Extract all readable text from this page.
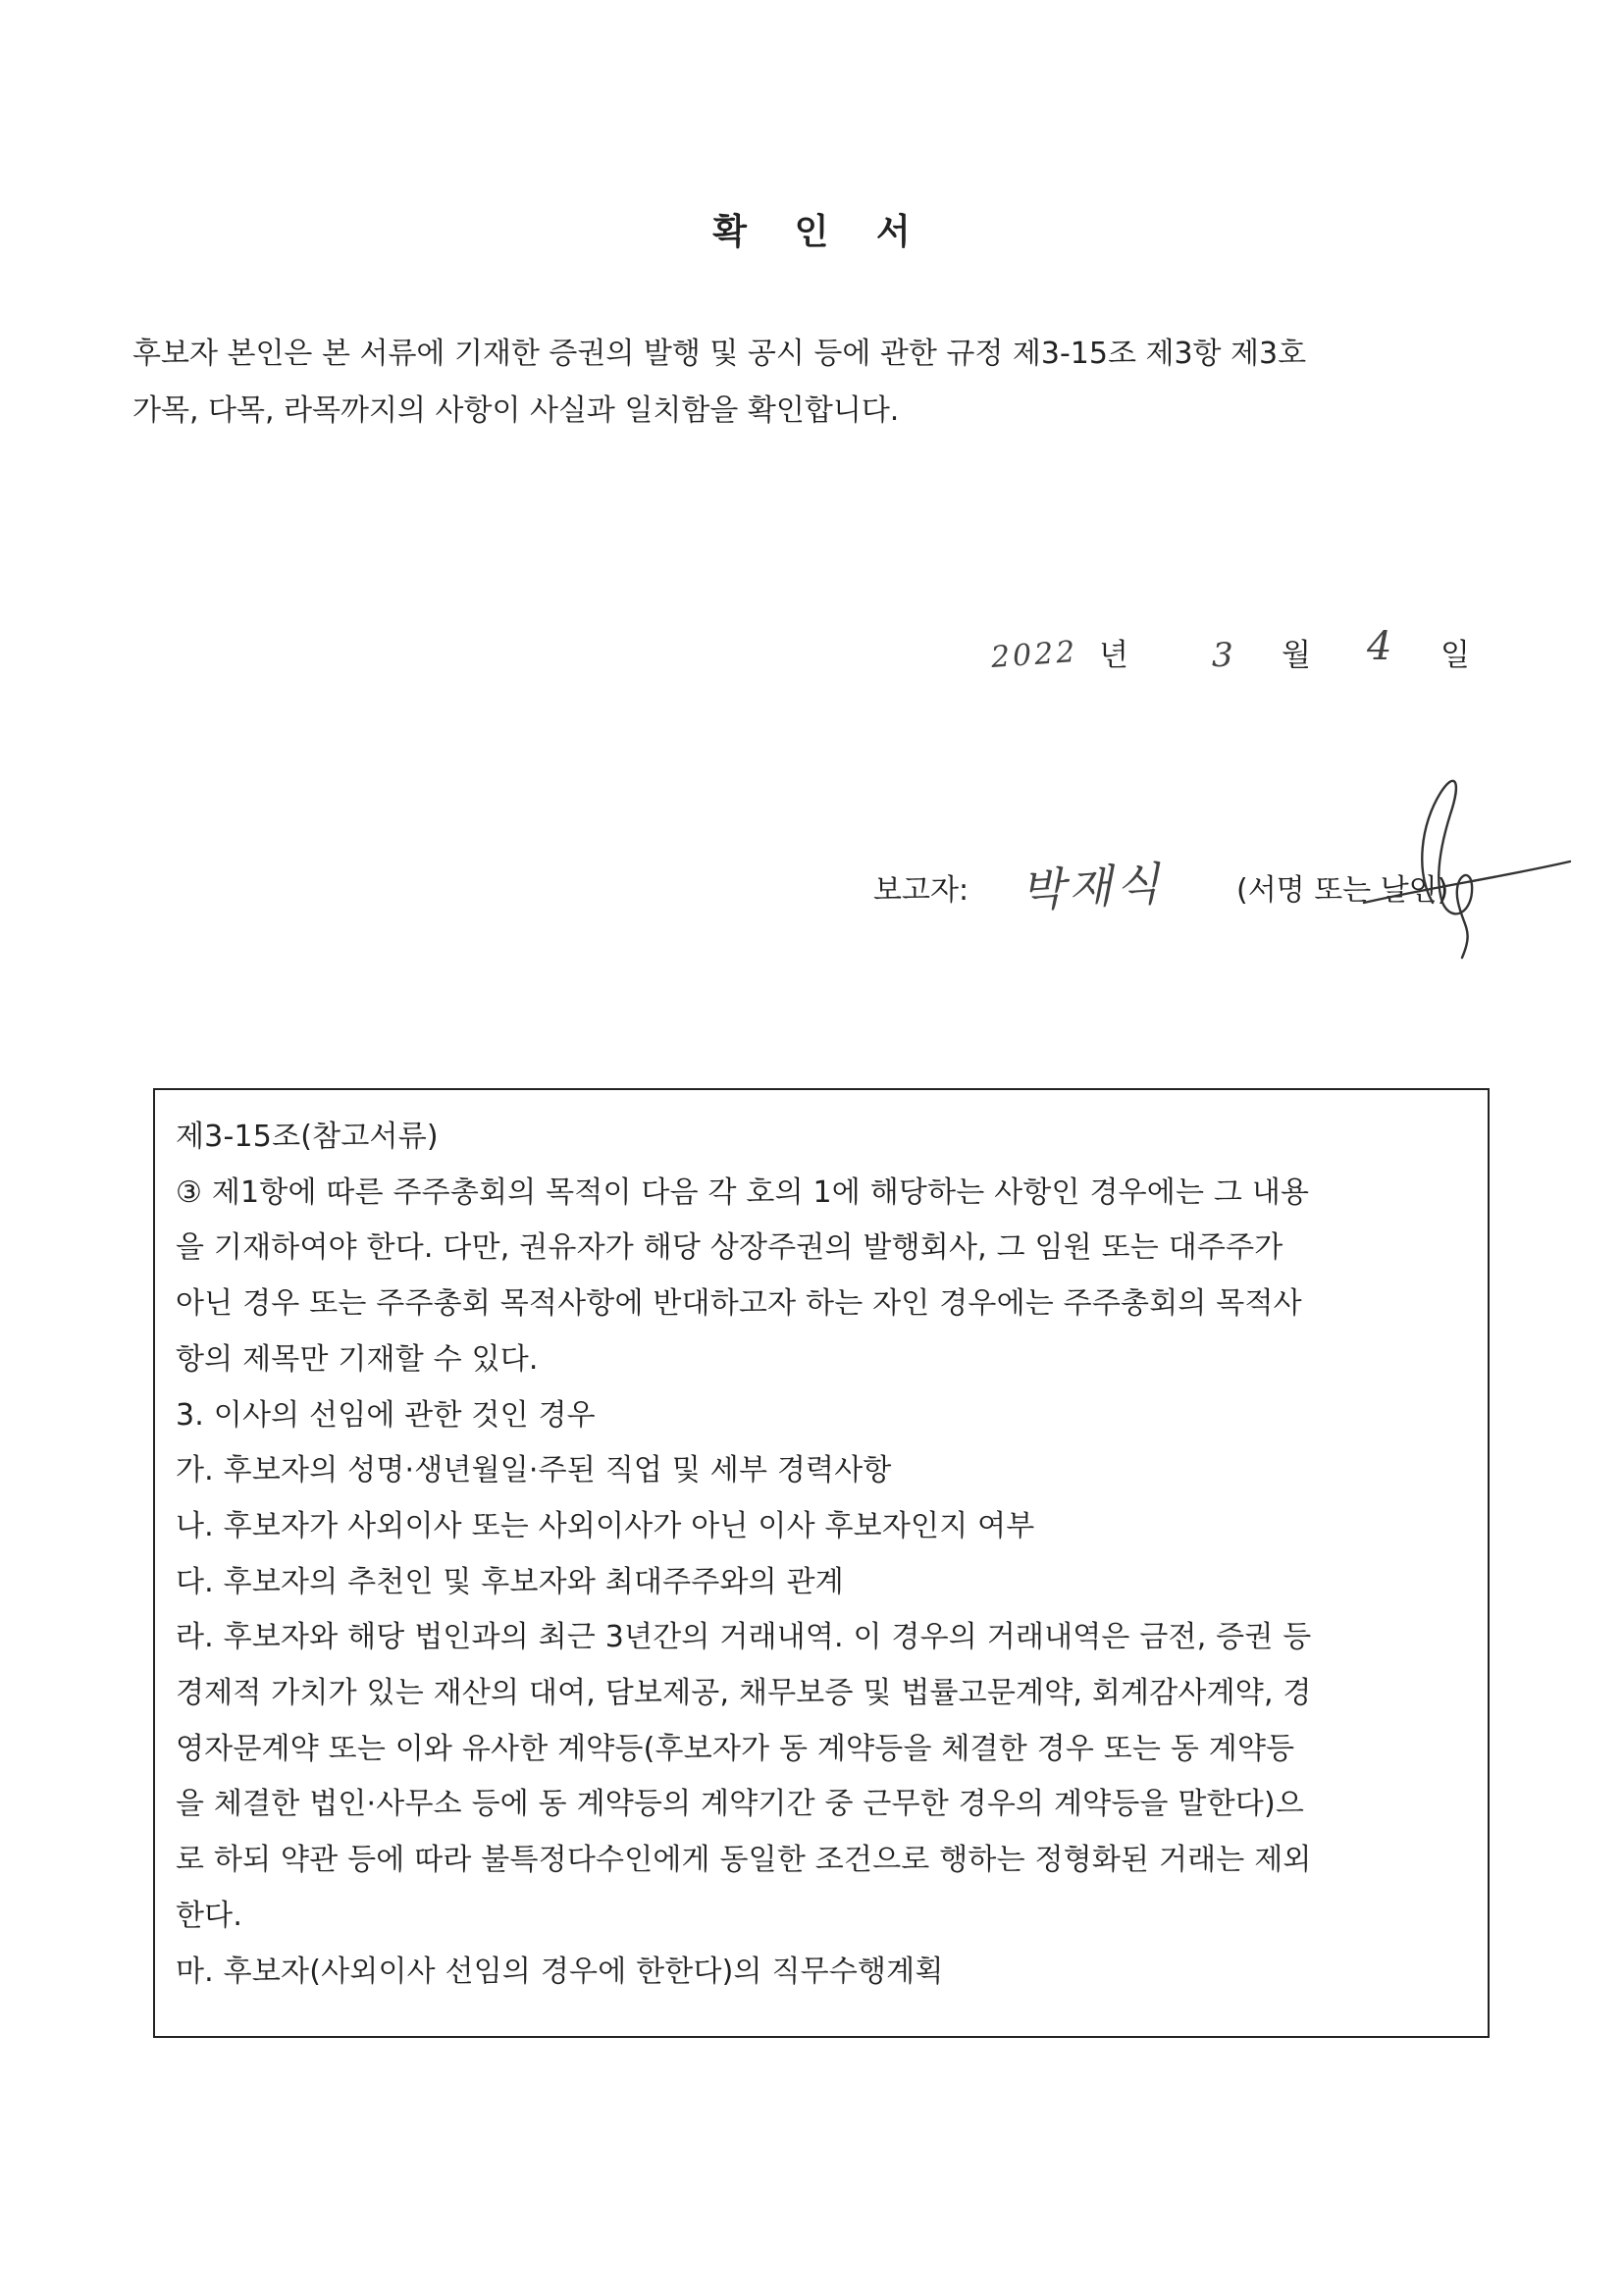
확 인 서
후보자 본인은 본 서류에 기재한 증권의 발행 및 공시 등에 관한 규정 제3-15조 제3항 제3호
가목, 다목, 라목까지의 사항이 사실과 일치함을 확인합니다.
2022 년	3 월 4 일
보고자: 박재식 (서명 또는 날인)
제3-15조(참고서류)
③ 제1항에 따른 주주총회의 목적이 다음 각 호의 1에 해당하는 사항인 경우에는 그 내용
을 기재하여야 한다. 다만, 권유자가 해당 상장주권의 발행회사, 그 임원 또는 대주주가
아닌 경우 또는 주주총회 목적사항에 반대하고자 하는 자인 경우에는 주주총회의 목적사
항의 제목만 기재할 수 있다.
3. 이사의 선임에 관한 것인 경우
가. 후보자의 성명·생년월일·주된 직업 및 세부 경력사항
나. 후보자가 사외이사 또는 사외이사가 아닌 이사 후보자인지 여부
다. 후보자의 추천인 및 후보자와 최대주주와의 관계
라. 후보자와 해당 법인과의 최근 3년간의 거래내역. 이 경우의 거래내역은 금전, 증권 등
경제적 가치가 있는 재산의 대여, 담보제공, 채무보증 및 법률고문계약, 회계감사계약, 경
영자문계약 또는 이와 유사한 계약등(후보자가 동 계약등을 체결한 경우 또는 동 계약등
을 체결한 법인·사무소 등에 동 계약등의 계약기간 중 근무한 경우의 계약등을 말한다)으
로 하되 약관 등에 따라 불특정다수인에게 동일한 조건으로 행하는 정형화된 거래는 제외
한다.
마. 후보자(사외이사 선임의 경우에 한한다)의 직무수행계획
